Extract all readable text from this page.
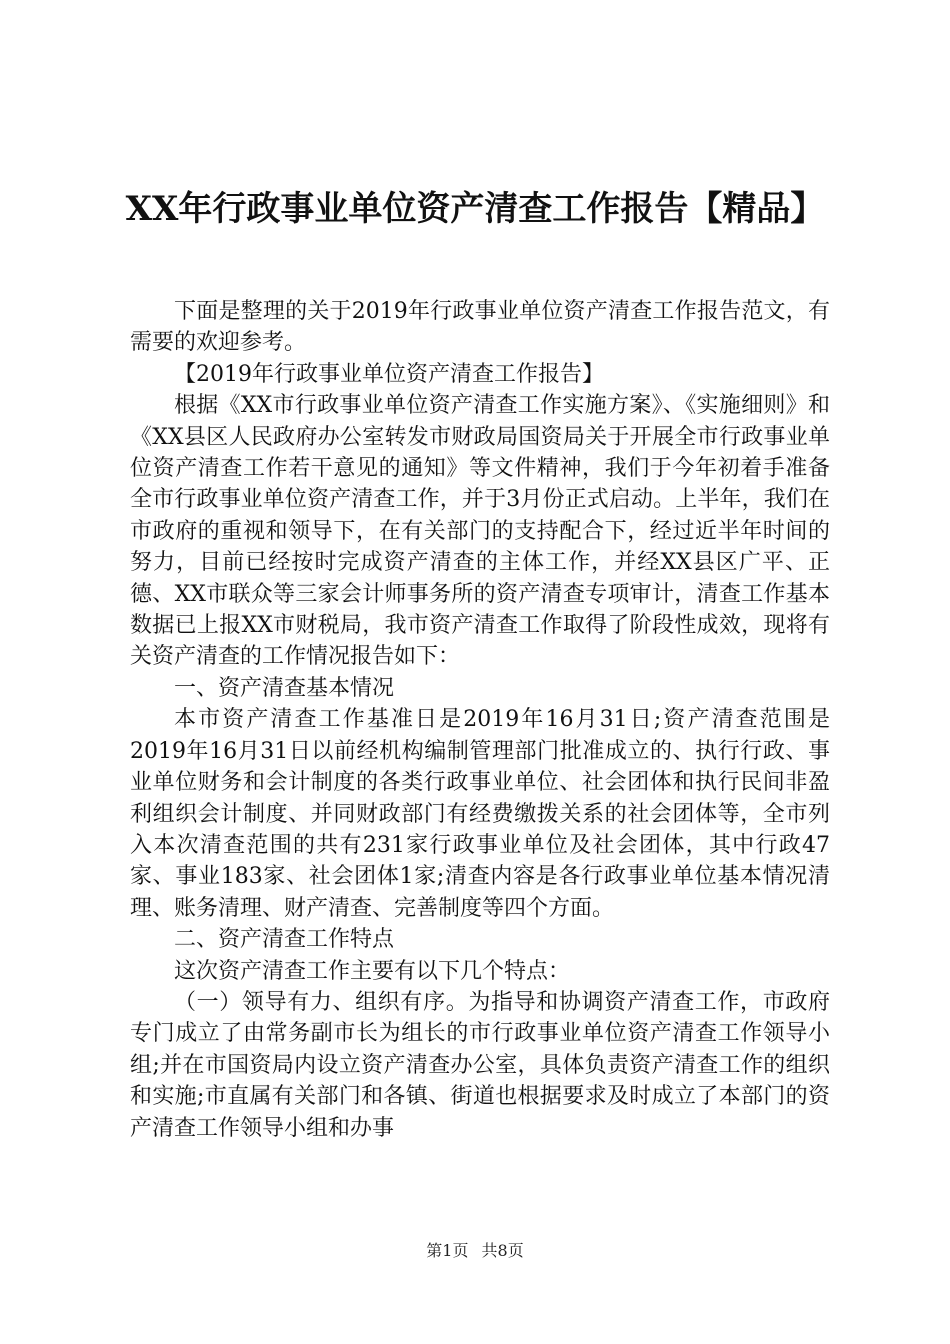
XX年行政事业单位资产清查工作报告【精品】

下面是整理的关于2019年行政事业单位资产清查工作报告范文，有需要的欢迎参考。

【2019年行政事业单位资产清查工作报告】

根据《XX市行政事业单位资产清查工作实施方案》、《实施细则》和《XX县区人民政府办公室转发市财政局国资局关于开展全市行政事业单位资产清查工作若干意见的通知》等文件精神，我们于今年初着手准备全市行政事业单位资产清查工作，并于3月份正式启动。上半年，我们在市政府的重视和领导下，在有关部门的支持配合下，经过近半年时间的努力，目前已经按时完成资产清查的主体工作，并经XX县区广平、正德、XX市联众等三家会计师事务所的资产清查专项审计，清查工作基本数据已上报XX市财税局，我市资产清查工作取得了阶段性成效，现将有关资产清查的工作情况报告如下：

一、资产清查基本情况

本市资产清查工作基准日是2019年16月31日;资产清查范围是2019年16月31日以前经机构编制管理部门批准成立的、执行行政、事业单位财务和会计制度的各类行政事业单位、社会团体和执行民间非盈利组织会计制度、并同财政部门有经费缴拨关系的社会团体等，全市列入本次清查范围的共有231家行政事业单位及社会团体，其中行政47家、事业183家、社会团体1家;清查内容是各行政事业单位基本情况清理、账务清理、财产清查、完善制度等四个方面。

二、资产清查工作特点

这次资产清查工作主要有以下几个特点：

（一）领导有力、组织有序。为指导和协调资产清查工作，市政府专门成立了由常务副市长为组长的市行政事业单位资产清查工作领导小组;并在市国资局内设立资产清查办公室，具体负责资产清查工作的组织和实施;市直属有关部门和各镇、街道也根据要求及时成立了本部门的资产清查工作领导小组和办事

第1页 共8页
